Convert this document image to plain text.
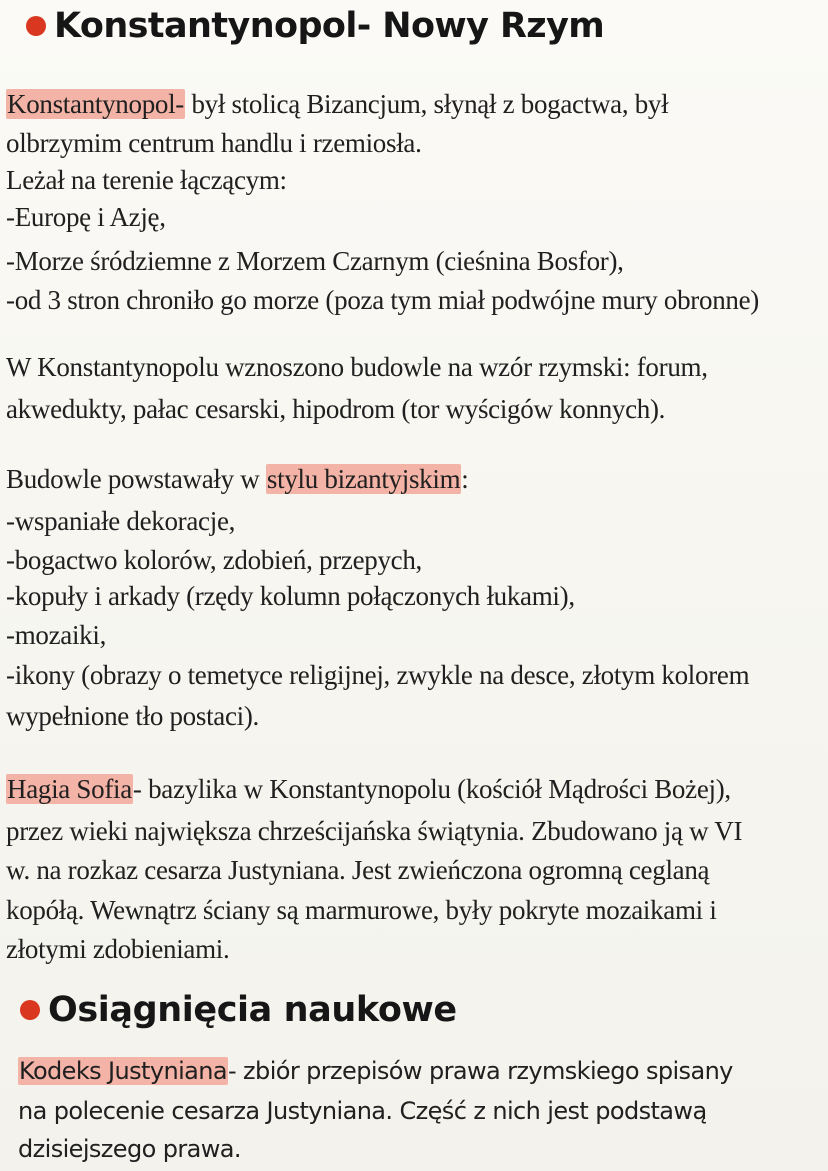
Konstantynopol- Nowy Rzym
Konstantynopol- był stolicą Bizancjum, słynął z bogactwa, był
olbrzymim centrum handlu i rzemiosła.
Leżał na terenie łączącym:
-Europę i Azję,
-Morze śródziemne z Morzem Czarnym (cieśnina Bosfor),
-od 3 stron chroniło go morze (poza tym miał podwójne mury obronne)
W Konstantynopolu wznoszono budowle na wzór rzymski: forum,
akwedukty, pałac cesarski, hipodrom (tor wyścigów konnych).
Budowle powstawały w stylu bizantyjskim:
-wspaniałe dekoracje,
-bogactwo kolorów, zdobień, przepych,
-kopuły i arkady (rzędy kolumn połączonych łukami),
-mozaiki,
-ikony (obrazy o temetyce religijnej, zwykle na desce, złotym kolorem
wypełnione tło postaci).
Hagia Sofia- bazylika w Konstantynopolu (kościół Mądrości Bożej),
przez wieki największa chrześcijańska świątynia. Zbudowano ją w VI
w. na rozkaz cesarza Justyniana. Jest zwieńczona ogromną ceglaną
kopółą. Wewnątrz ściany są marmurowe, były pokryte mozaikami i
złotymi zdobieniami.
Osiągnięcia naukowe
Kodeks Justyniana- zbiór przepisów prawa rzymskiego spisany
na polecenie cesarza Justyniana. Część z nich jest podstawą
dzisiejszego prawa.
